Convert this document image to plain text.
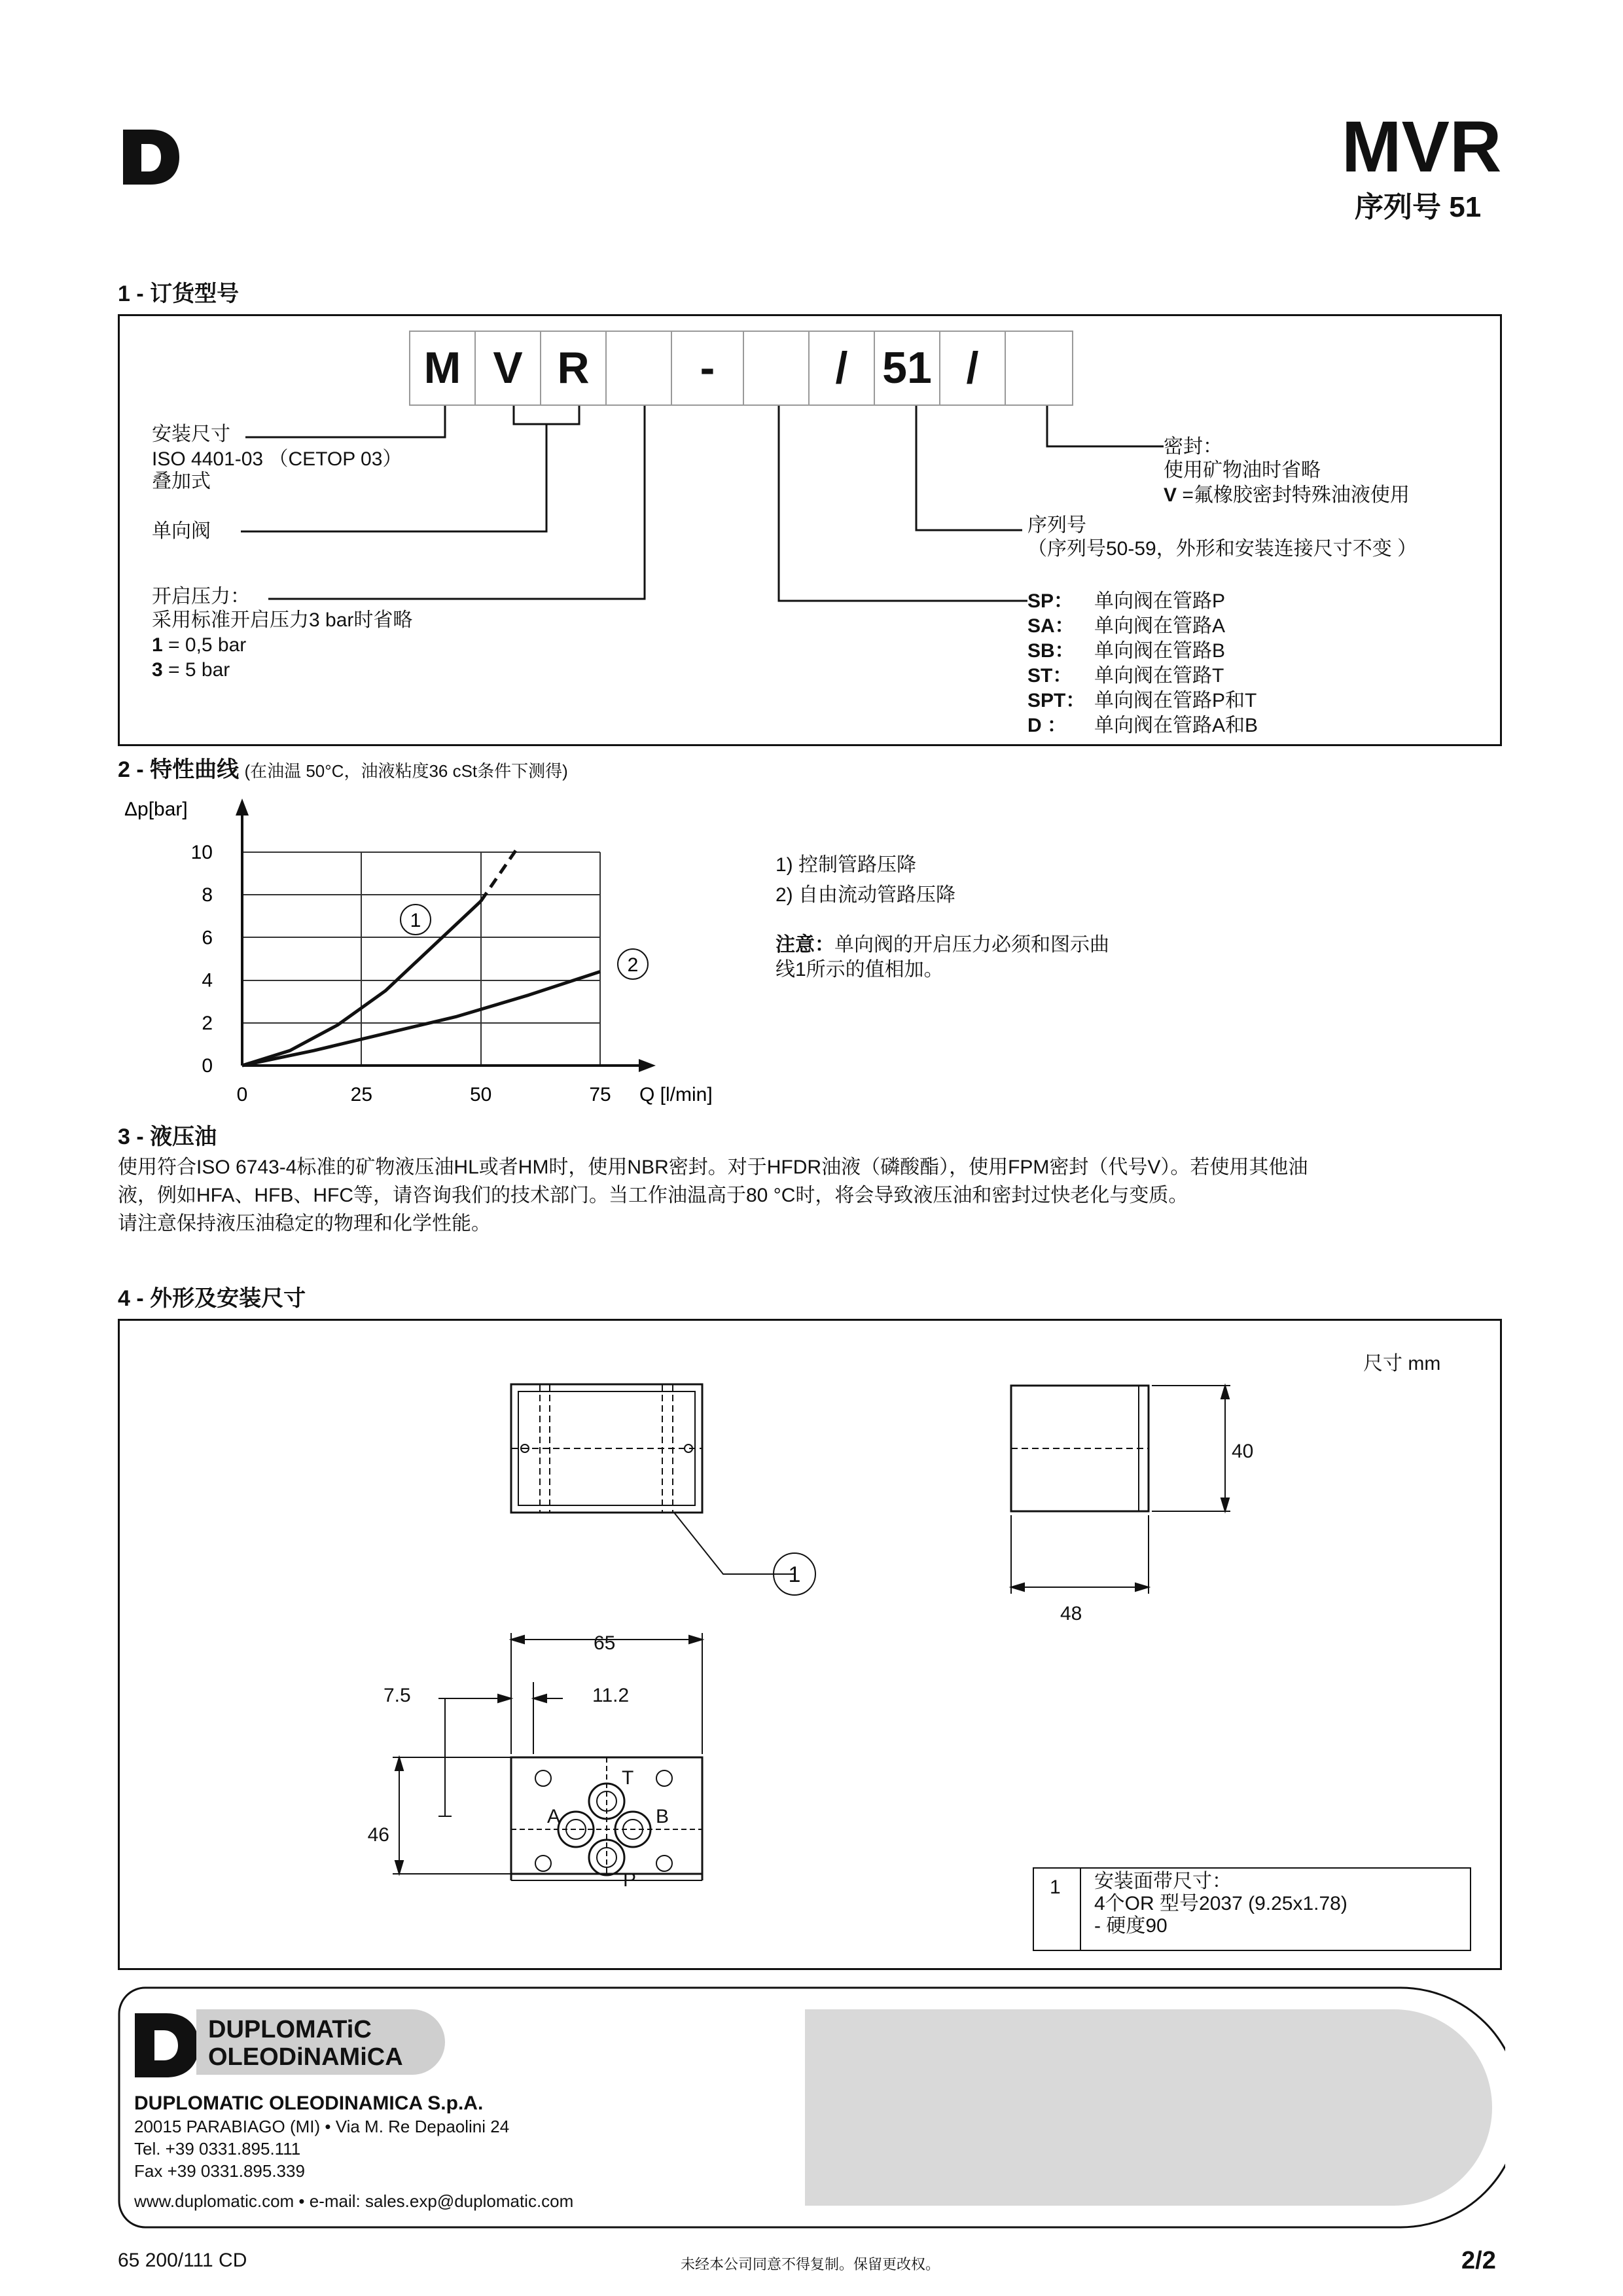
MVR
序列号 51
1 - 订货型号
M V R	-	/ 51 /
安装尺寸
ISO 4401-03 （CETOP 03）
叠加式
单向阀
开启压力：
采用标准开启压力3 bar时省略
1 = 0,5 bar
3 = 5 bar
密封：
使用矿物油时省略
V =氟橡胶密封特殊油液使用
序列号
（序列号50-59，外形和安装连接尺寸不变 ）
SP： 单向阀在管路P
SA： 单向阀在管路A
SB： 单向阀在管路B
ST： 单向阀在管路T
SPT： 单向阀在管路P和T
D ： 单向阀在管路A和B
2 - 特性曲线 (在油温 50°C，油液粘度36 cSt条件下测得)
Δp[bar]
Q [l/min]
0	25	50	75
0
2
4
6
8
10
1
2
1) 控制管路压降
2) 自由流动管路压降
注意：单向阀的开启压力必须和图示曲
线1所示的值相加。
3 - 液压油
使用符合ISO 6743-4标准的矿物液压油HL或者HM时，使用NBR密封。对于HFDR油液（磷酸酯），使用FPM密封（代号V）。若使用其他油
液，例如HFA、HFB、HFC等，请咨询我们的技术部门。当工作油温高于80 °C时，将会导致液压油和密封过快老化与变质。
请注意保持液压油稳定的物理和化学性能。
4 - 外形及安装尺寸
尺寸 mm
40
48
65
7.5	11.2
46
1
T
A	B
P	1 安装面带尺寸：
4个OR 型号2037 (9.25x1.78)
- 硬度90
DUPLOMATiC
OLEODiNAMiCA
DUPLOMATIC OLEODINAMICA S.p.A.
20015 PARABIAGO (MI) • Via M. Re Depaolini 24
Tel. +39 0331.895.111
Fax +39 0331.895.339
www.duplomatic.com • e-mail: sales.exp@duplomatic.com
65 200/111 CD	未经本公司同意不得复制。保留更改权。	2/2
